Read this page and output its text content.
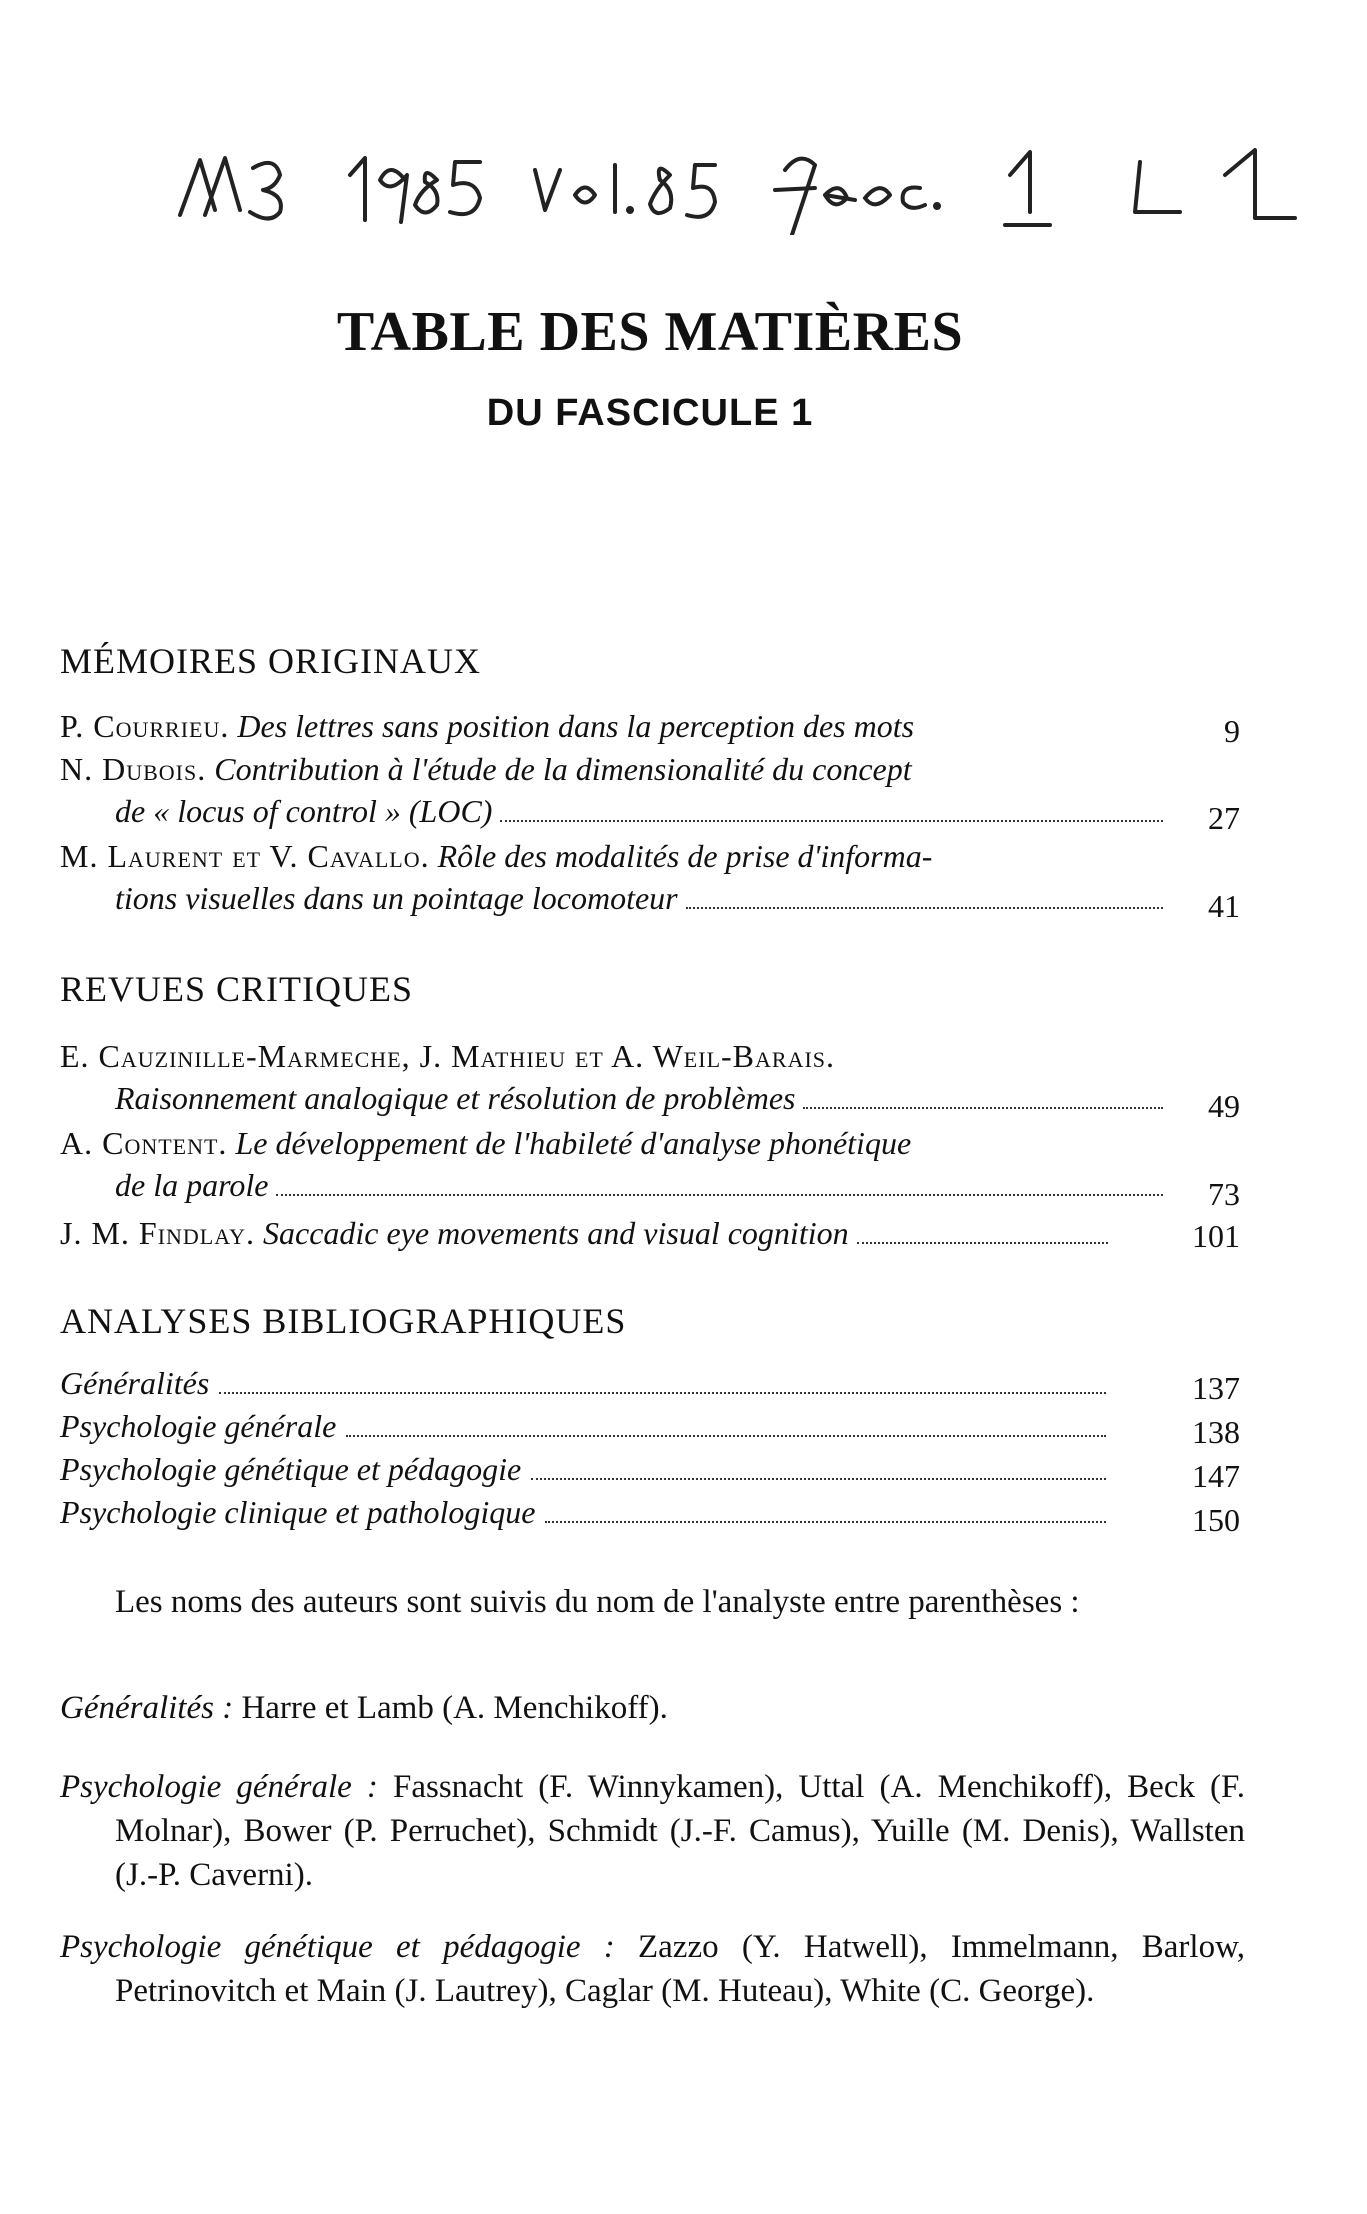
TABLE DES MATIÈRES
DU FASCICULE 1
MÉMOIRES ORIGINAUX
P. Courrieu.
Des lettres sans position dans la perception des mots	9
N. Dubois.
Contribution à l'étude de la dimensionalité du concept
de « locus of control » (LOC)	27
M. Laurent et V. Cavallo.
Rôle des modalités de prise d'informa-
tions visuelles dans un pointage locomoteur	41
REVUES CRITIQUES
E. Cauzinille-Marmeche, J. Mathieu et A. Weil-Barais.
Raisonnement analogique et résolution de problèmes	49
A. Content.
Le développement de l'habileté d'analyse phonétique
de la parole	73
J. M. Findlay.
Saccadic eye movements and visual cognition	101
ANALYSES BIBLIOGRAPHIQUES
Généralités	137
Psychologie générale	138
Psychologie génétique et pédagogie	147
Psychologie clinique et pathologique	150
Les noms des auteurs sont suivis du nom de l'analyste entre parenthèses :
Généralités : Harre et Lamb (A. Menchikoff).
Psychologie générale : Fassnacht (F. Winnykamen), Uttal (A. Menchikoff), Beck (F. Molnar), Bower (P. Perruchet), Schmidt (J.-F. Camus), Yuille (M. Denis), Wallsten (J.-P. Caverni).
Psychologie génétique et pédagogie : Zazzo (Y. Hatwell), Immelmann, Barlow, Petrinovitch et Main (J. Lautrey), Caglar (M. Huteau), White (C. George).
